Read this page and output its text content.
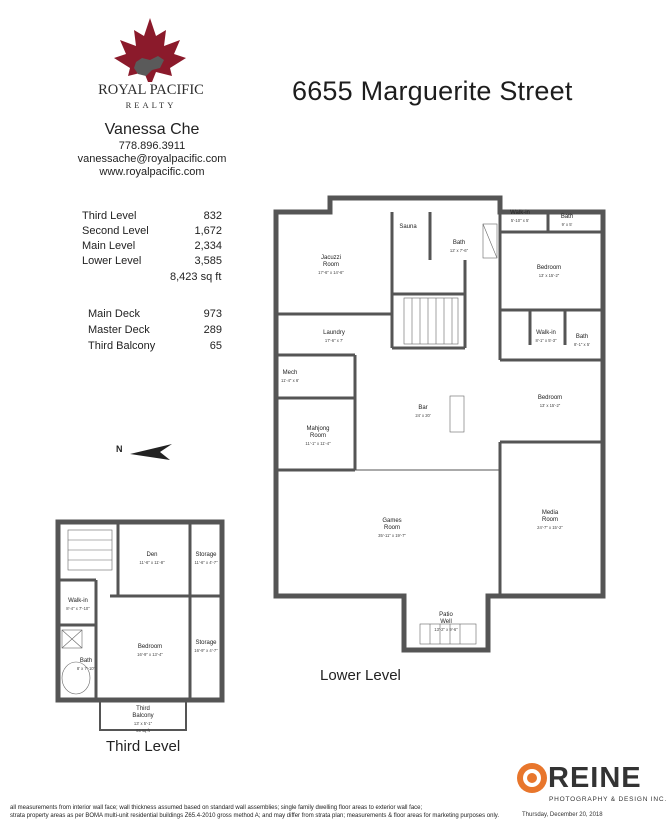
ROYAL PACIFIC
REALTY	6655 Marguerite Street
Vanessa Che
778.896.3911
vanessache@royalpacific.com
www.royalpacific.com
Third Level	832
Second Level	1,672
Main Level	2,334
Lower Level	3,585
8,423 sq ft
Main Deck	973
Master Deck	289
Third Balcony	65
N
Jacuzzi
Room
17'-6" x 14'-6"
Sauna
Bath
12' x 7'-6"
Walk-in
5'-10" x 5'
Bath
9' x 5'
Bedroom
13' x 15'-2"
Laundry
17'-6" x 7'
Walk-in
8'-1" x 5'-3"
Bath
8'-1" x 5'
Mech
11'-4" x 6'
Bedroom
13' x 15'-2"
Bar
24' x 20'
Mahjong
Room
11'-1" x 11'-4"
Games
Room
35'-11" x 19'-7"
Media
Room
24'-7" x 15'-2"
Patio
Well
13'-2" x 9'-6"
Den
11'-6" x 11'-8"
Storage
11'-6" x 4'-7"
Walk-in
8'-4" x 7'-10"
Bedroom
16'-9" x 13'-4"
Storage
16'-9" x 4'-7"
Bath
8' x 7'-10"
Third
Balcony
13' x 5'-1"
65 sq ft
Lower Level
Third Level
REINE
PHOTOGRAPHY & DESIGN INC.
Thursday, December 20, 2018
all measurements from interior wall face; wall thickness assumed based on standard wall assemblies; single family dwelling floor areas to exterior wall face;
strata property areas as per BOMA multi-unit residential buildings Z65.4-2010 gross method A; and may differ from strata plan; measurements & floor areas for marketing purposes only.
